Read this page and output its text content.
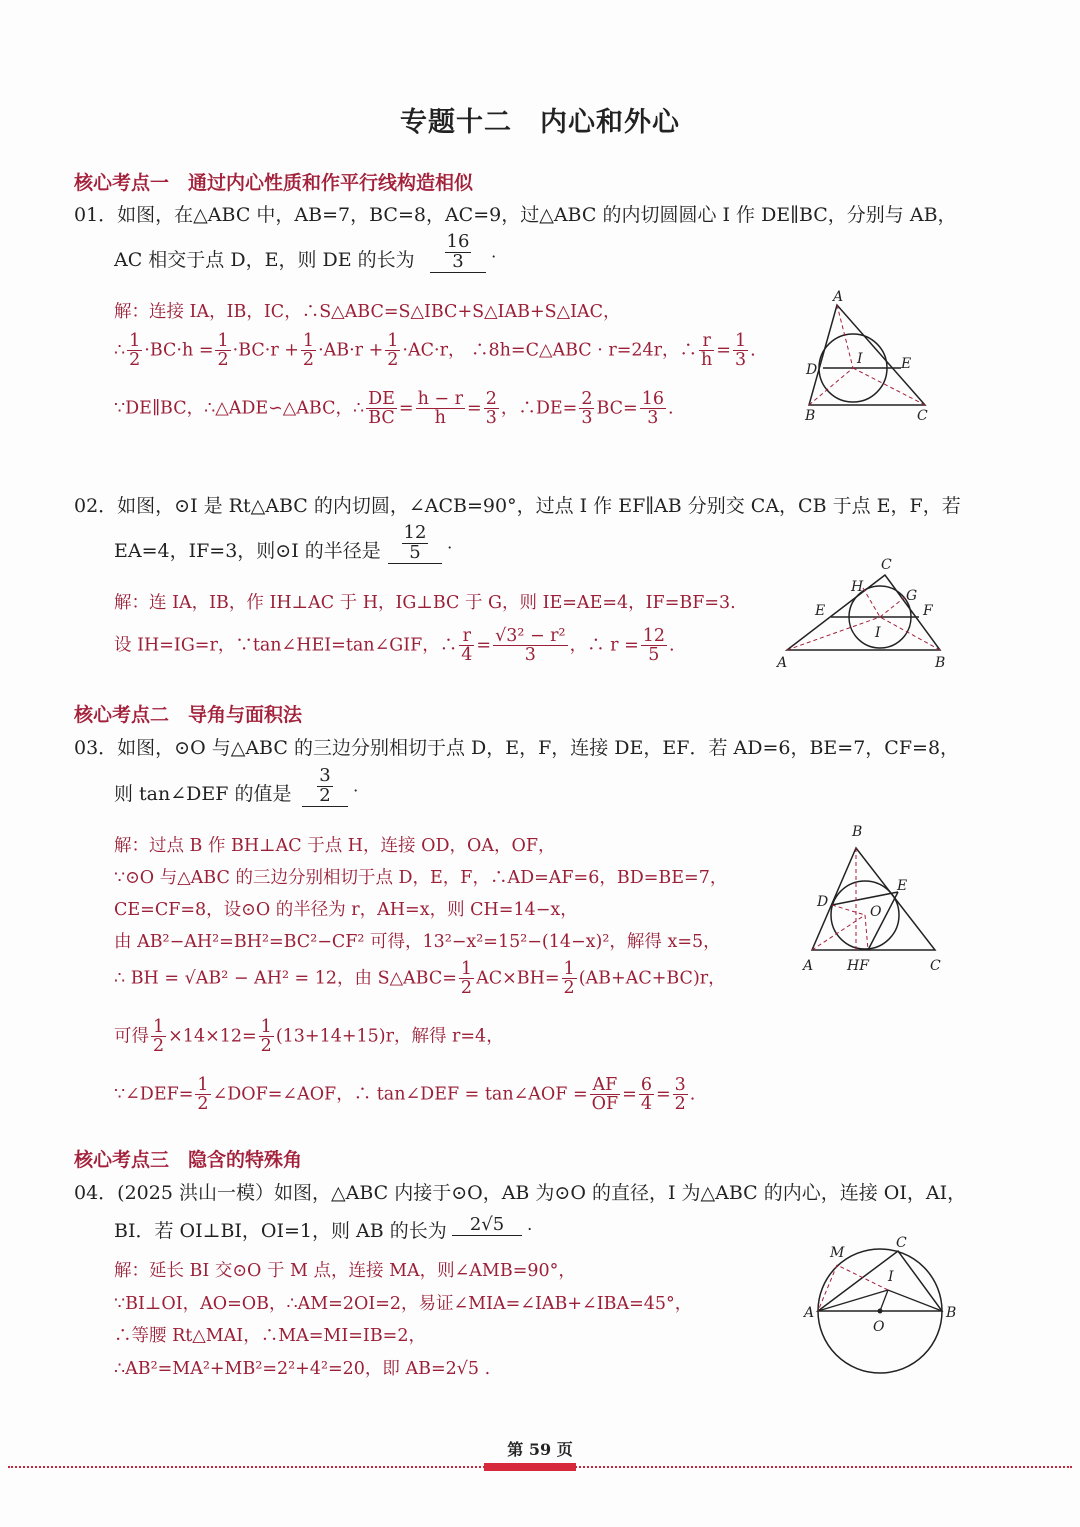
专题十二　内心和外心
核心考点一　通过内心性质和作平行线构造相似
01．如图，在△ABC 中，AB=7，BC=8，AC=9，过△ABC 的内切圆圆心 I 作 DE∥BC，分别与 AB，
AC 相交于点 D，E，则 DE 的长为 $\frac{16}{3}$ .
解：连接 IA，IB，IC，∴S△ABC=S△IBC+S△IAB+S△IAC，
∴ $\frac{1}{2} \cdot BC\cdot h = \frac{1}{2} \cdot BC\cdot r + \frac{1}{2} \cdot AB\cdot r + \frac{1}{2} \cdot AC\cdot r$， ∴8h=C△ABC · r=24r，∴ $\frac{r}{h} = \frac{1}{3}$ .
∵DE∥BC，∴△ADE∽△ABC，∴ $\frac{DE}{BC} = \frac{h - r}{h} = \frac{2}{3}$ ，∴DE= $\frac{2}{3} BC= \frac{16}{3}$ .
A
B	C
D	E
I
02．如图，⊙I 是 Rt△ABC 的内切圆，∠ACB=90°，过点 I 作 EF∥AB 分别交 CA，CB 于点 E，F，若
EA=4，IF=3，则⊙I 的半径是 $\frac{12}{5}$ .
解：连 IA，IB，作 IH⊥AC 于 H，IG⊥BC 于 G，则 IE=AE=4，IF=BF=3.
设 IH=IG=r，∵tan∠HEI=tan∠GIF，∴ $\frac{r}{4} = \frac{\text{√3² − r²}}{3}$ ，∴ $r = \frac{12}{5}$ .
C
A	B
E	F
H
G
I
核心考点二　导角与面积法
03．如图，⊙O 与△ABC 的三边分别相切于点 D，E，F，连接 DE，EF．若 AD=6，BE=7，CF=8，
则 tan∠DEF 的值是 $\frac{3}{2}$ .
解：过点 B 作 BH⊥AC 于点 H，连接 OD，OA，OF，
∵⊙O 与△ABC 的三边分别相切于点 D，E，F，∴AD=AF=6，BD=BE=7，
CE=CF=8，设⊙O 的半径为 r，AH=x，则 CH=14−x，
由 AB²−AH²=BH²=BC²−CF² 可得，13²−x²=15²−(14−x)²，解得 x=5，
∴ BH = √AB² − AH² = 12，由 S△ABC= $\frac{1}{2} AC\times BH= \frac{1}{2} (AB+AC+BC)r$，
可得 $\frac{1}{2} \times 14\times 12= \frac{1}{2} (13+14+15)r$，解得 r=4，
∵∠DEF= $\frac{1}{2}$ ∠DOF=∠AOF，∴ tan∠DEF = tan∠AOF = $\frac{AF}{OF} = \frac{6}{4} = \frac{3}{2}$ .
B
A	C
D
E
O
HF
核心考点三　隐含的特殊角
04．(2025 洪山一模）如图，△ABC 内接于⊙O，AB 为⊙O 的直径，I 为△ABC 的内心，连接 OI，AI，
BI．若 OI⊥BI，OI=1，则 AB 的长为	2√5 .
解：延长 BI 交⊙O 于 M 点，连接 MA，则∠AMB=90°，
∵BI⊥OI，AO=OB，∴AM=2OI=2，易证∠MIA=∠IAB+∠IBA=45°，
∴等腰 Rt△MAI，∴MA=MI=IB=2，
∴AB²=MA²+MB²=2²+4²=20，即 AB=2√5 .
M
C
A	B
I
O
第 59 页
